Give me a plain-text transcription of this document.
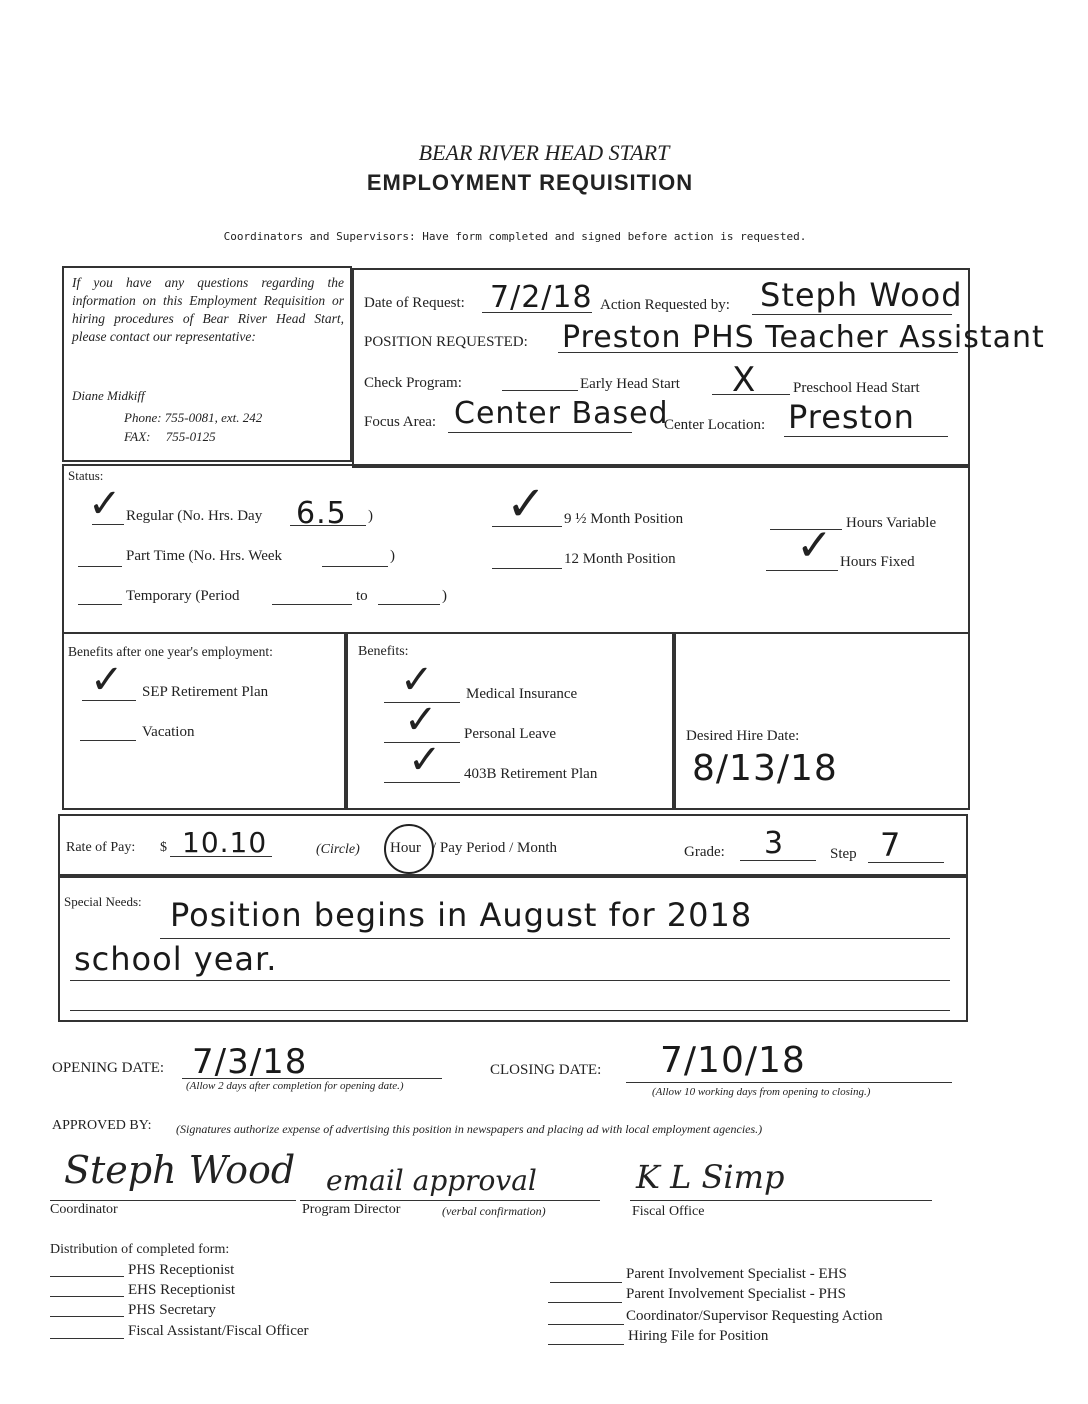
BEAR RIVER HEAD START
EMPLOYMENT REQUISITION
Coordinators and Supervisors: Have form completed and signed before action is requested.
If you have any questions regarding the information on this Employment Requisition or hiring procedures of Bear River Head Start, please contact our representative:
Diane Midkiff
Phone: 755-0081, ext. 242
FAX: 755-0125
Date of Request: 7/2/18 Action Requested by: Steph Wood
POSITION REQUESTED: Preston PHS Teacher Assistant
Check Program:	Early Head Start X Preschool Head Start
Focus Area: Center Based
Center Location: Preston
Status:
✓ Regular (No. Hrs. Day 6.5 )
Part Time (No. Hrs. Week	)
Temporary (Period	to	)
✓ 9 ½ Month Position
12 Month Position
Hours Variable
✓ Hours Fixed
Benefits after one year's employment:
✓ SEP Retirement Plan
Vacation
Benefits:
✓ Medical Insurance
✓ Personal Leave
✓ 403B Retirement Plan
Desired Hire Date:
8/13/18
Rate of Pay: $ 10.10	(Circle) Hour / Pay Period / Month	Grade: 3	Step 7
Special Needs: Position begins in August for 2018
school year.
OPENING DATE: 7/3/18
(Allow 2 days after completion for opening date.)
CLOSING DATE: 7/10/18
(Allow 10 working days from opening to closing.)
APPROVED BY: (Signatures authorize expense of advertising this position in newspapers and placing ad with local employment agencies.)
Steph Wood
Coordinator
email approval
Program Director	(verbal confirmation)
K L Simp
Fiscal Office
Distribution of completed form:
PHS Receptionist
EHS Receptionist
PHS Secretary
Fiscal Assistant/Fiscal Officer
Parent Involvement Specialist - EHS
Parent Involvement Specialist - PHS
Coordinator/Supervisor Requesting Action
Hiring File for Position
